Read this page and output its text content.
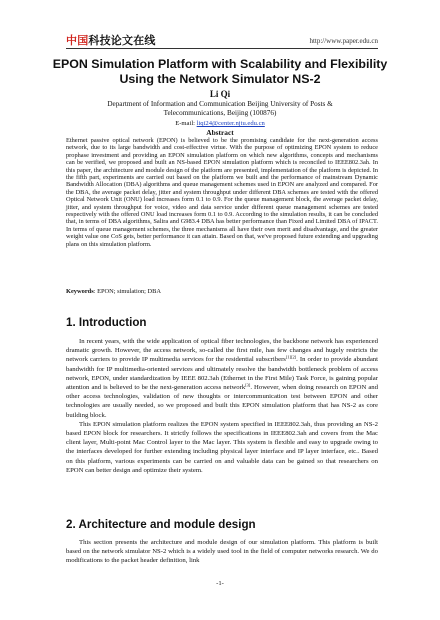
中国科技论文在线	http://www.paper.edu.cn
EPON Simulation Platform with Scalability and Flexibility
Using the Network Simulator NS-2
Li Qi
Department of Information and Communication Beijing University of Posts &
Telecommunications, Beijing (100876)
E-mail: liqi24@center.njtu.edu.cn
Abstract

Ethernet passive optical network (EPON) is believed to be the promising candidate for the next-generation access network, due to its large bandwidth and cost-effective virtue. With the purpose of optimizing EPON system to reduce prophase investment and providing an EPON simulation platform on which new algorithms, concepts and mechanisms can be verified, we proposed and built an NS-based EPON simulation platform which is reconciled to IEEE802.3ah. In this paper, the architecture and module design of the platform are presented, implementation of the platform is depicted. In the fifth part, experiments are carried out based on the platform we built and the performance of mainstream Dynamic Bandwidth Allocation (DBA) algorithms and queue management schemes used in EPON are analyzed and compared. For the DBA, the average packet delay, jitter and system throughput under different DBA schemes are tested with the offered Optical Network Unit (ONU) load increases form 0.1 to 0.9. For the queue management block, the average packet delay, jitter, and system throughput for voice, video and data service under different queue management schemes are tested respectively with the offered ONU load increases form 0.1 to 0.9. According to the simulation results, it can be concluded that, in terms of DBA algorithms, Salira and G983.4 DBA has better performance than Fixed and Limited DBA of IPACT. In terms of queue management schemes, the three mechanisms all have their own merit and disadvantage, and the greater weight value one CoS gets, better performance it can attain. Based on that, we've proposed future extending and upgrading plans on this simulation platform.

Keywords: EPON; simulation; DBA
1. Introduction

In recent years, with the wide application of optical fiber technologies, the backbone network has experienced dramatic growth. However, the access network, so-called the first mile, has few changes and hugely restricts the network carriers to provide IP multimedia services for the residential subscribers[1][2]. In order to provide abundant bandwidth for IP multimedia-oriented services and ultimately resolve the bandwidth bottleneck problem of access network, EPON, under standardization by IEEE 802.3ah (Ethernet in the First Mile) Task Force, is gaining popular attention and is believed to be the next-generation access network[3]. However, when doing research on EPON and other access technologies, validation of new thoughts or intercommunication test between EPON and other technologies are usually needed, so we proposed and built this EPON simulation platform that has NS-2 as core building block.

This EPON simulation platform realizes the EPON system specified in IEEE802.3ah, thus providing an NS-2 based EPON block for researchers. It strictly follows the specifications in IEEE802.3ah and covers from the Mac client layer, Multi-point Mac Control layer to the Mac layer. This system is flexible and easy to upgrade owing to the interfaces developed for further extending including physical layer interface and IP layer interface, etc.. Based on this platform, various experiments can be carried on and valuable data can be gained so that researchers on EPON can better design and optimize their system.

2. Architecture and module design

This section presents the architecture and module design of our simulation platform. This platform is built based on the network simulator NS-2 which is a widely used tool in the field of computer networks research. We do modifications to the packet header definition, link

-1-
